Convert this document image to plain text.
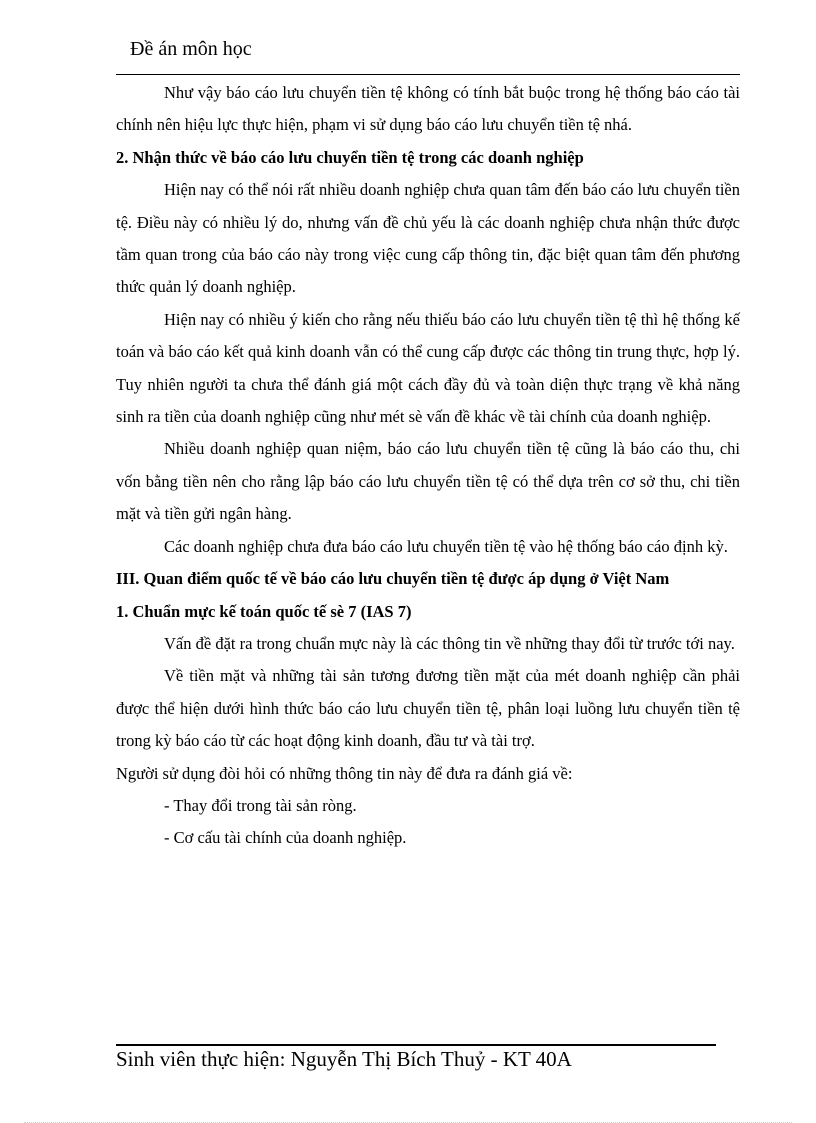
Đề án môn học

Như vậy báo cáo lưu chuyển tiền tệ không có tính bắt buộc trong hệ thống báo cáo tài chính nên hiệu lực thực hiện, phạm vi sử dụng báo cáo lưu chuyển tiền tệ nhá.

2. Nhận thức về báo cáo lưu chuyển tiền tệ trong các doanh nghiệp

Hiện nay có thể nói rất nhiều doanh nghiệp chưa quan tâm đến báo cáo lưu chuyển tiền tệ. Điều này có nhiều lý do, nhưng vấn đề chủ yếu là các doanh nghiệp chưa nhận thức được tầm quan trong của báo cáo này trong việc cung cấp thông tin, đặc biệt quan tâm đến phương thức quản lý doanh nghiệp.

Hiện nay có nhiều ý kiến cho rằng nếu thiếu báo cáo lưu chuyển tiền tệ thì hệ thống kế toán và báo cáo kết quả kinh doanh vẫn có thể cung cấp được các thông tin trung thực, hợp lý. Tuy nhiên người ta chưa thể đánh giá một cách đầy đủ và toàn diện thực trạng về khả năng sinh ra tiền của doanh nghiệp cũng như mét sè vấn đề khác về tài chính của doanh nghiệp.

Nhiều doanh nghiệp quan niệm, báo cáo lưu chuyển tiền tệ cũng là báo cáo thu, chi vốn bằng tiền nên cho rằng lập báo cáo lưu chuyển tiền tệ có thể dựa trên cơ sở thu, chi tiền mặt và tiền gửi ngân hàng.

Các doanh nghiệp chưa đưa báo cáo lưu chuyển tiền tệ vào hệ thống báo cáo định kỳ.

III. Quan điểm quốc tế về báo cáo lưu chuyển tiền tệ được áp dụng ở Việt Nam

1. Chuẩn mực kế toán quốc tế sè 7 (IAS 7)

Vấn đề đặt ra trong chuẩn mực này là các thông tin về những thay đổi từ trước tới nay.

Về tiền mặt và những tài sản tương đương tiền mặt của mét doanh nghiệp cần phải được thể hiện dưới hình thức báo cáo lưu chuyển tiền tệ, phân loại luồng lưu chuyển tiền tệ trong kỳ báo cáo từ các hoạt động kinh doanh, đầu tư và tài trợ.

Người sử dụng đòi hỏi có những thông tin này để đưa ra đánh giá về:

- Thay đổi trong tài sản ròng.

- Cơ cấu tài chính của doanh nghiệp.

Sinh viên thực hiện: Nguyễn Thị Bích Thuỷ - KT 40A
